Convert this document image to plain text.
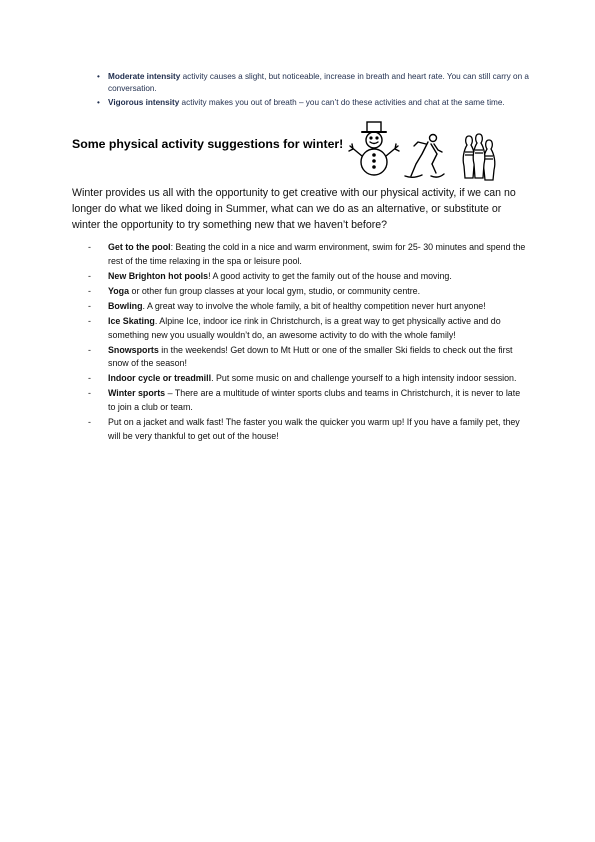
• Moderate intensity activity causes a slight, but noticeable, increase in breath and heart rate. You can still carry on a conversation.
• Vigorous intensity activity makes you out of breath – you can’t do these activities and chat at the same time.
Some physical activity suggestions for winter!

Winter provides us all with the opportunity to get creative with our physical activity, if we can no longer do what we liked doing in Summer, what can we do as an alternative, or substitute or winter the opportunity to try something new that we haven’t before?

- Get to the pool: Beating the cold in a nice and warm environment, swim for 25- 30 minutes and spend the rest of the time relaxing in the spa or leisure pool.
- New Brighton hot pools! A good activity to get the family out of the house and moving.
- Yoga or other fun group classes at your local gym, studio, or community centre.
- Bowling. A great way to involve the whole family, a bit of healthy competition never hurt anyone!
- Ice Skating. Alpine Ice, indoor ice rink in Christchurch, is a great way to get physically active and do something new you usually wouldn’t do, an awesome activity to do with the whole family!
- Snowsports in the weekends! Get down to Mt Hutt or one of the smaller Ski fields to check out the first snow of the season!
- Indoor cycle or treadmill. Put some music on and challenge yourself to a high intensity indoor session.
- Winter sports – There are a multitude of winter sports clubs and teams in Christchurch, it is never to late to join a club or team.
- Put on a jacket and walk fast! The faster you walk the quicker you warm up! If you have a family pet, they will be very thankful to get out of the house!
